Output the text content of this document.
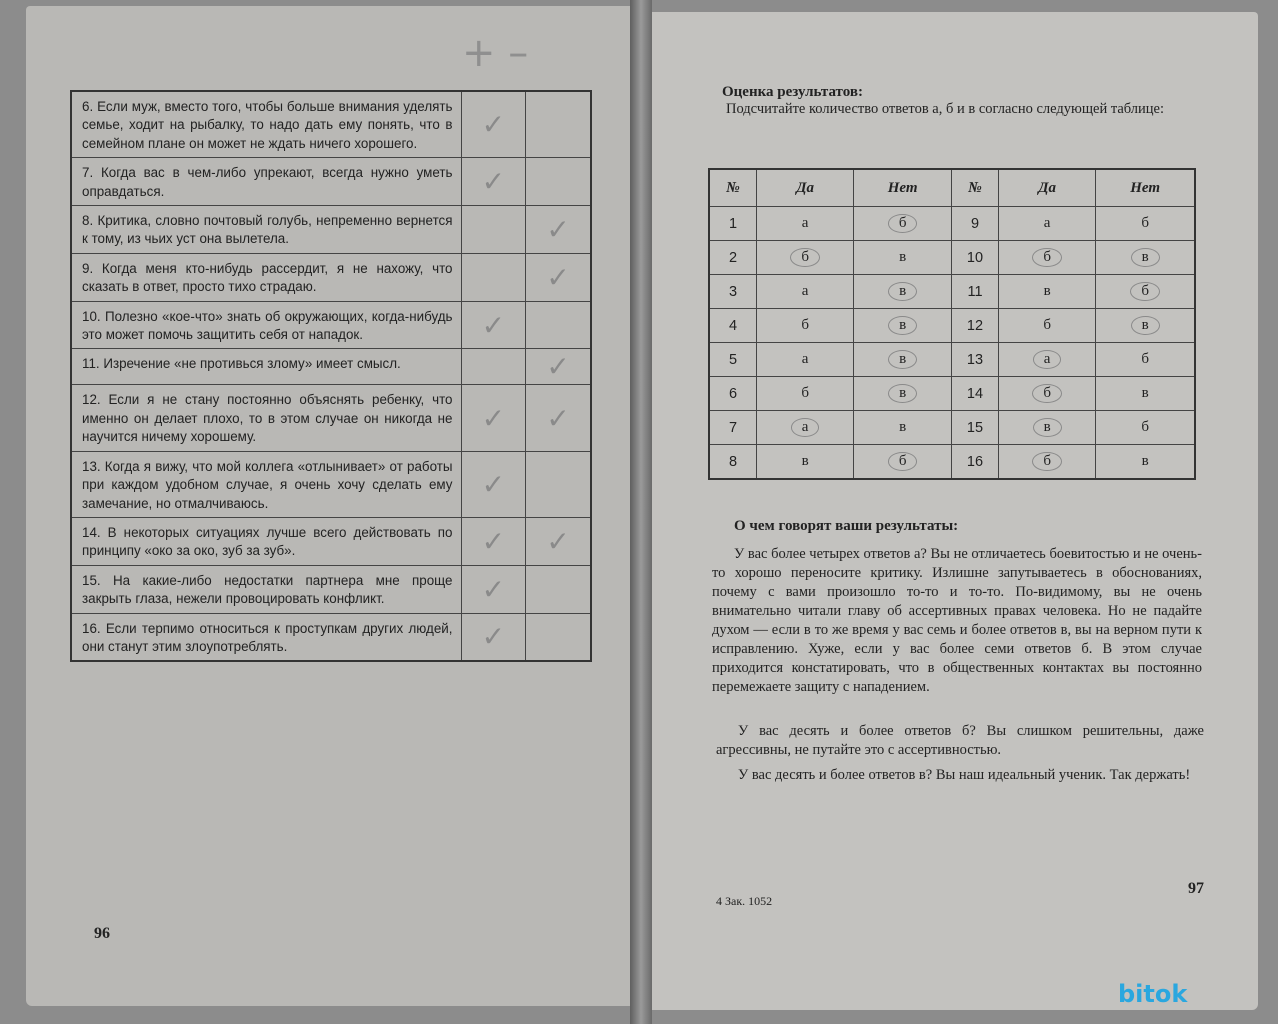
+ –
6. Если муж, вместо того, чтобы больше внимания уделять семье, ходит на рыбалку, то надо дать ему понять, что в семейном плане он может не ждать ничего хорошего.	✓	
7. Когда вас в чем-либо упрекают, всегда нужно уметь оправдаться.	✓	
8. Критика, словно почтовый голубь, непременно вернется к тому, из чьих уст она вылетела.		✓
9. Когда меня кто-нибудь рассердит, я не нахожу, что сказать в ответ, просто тихо страдаю.		✓
10. Полезно «кое-что» знать об окружающих, когда-нибудь это может помочь защитить себя от нападок.	✓	
11. Изречение «не противься злому» имеет смысл.		✓
12. Если я не стану постоянно объяснять ребенку, что именно он делает плохо, то в этом случае он никогда не научится ничему хорошему.	✓	✓
13. Когда я вижу, что мой коллега «отлынивает» от работы при каждом удобном случае, я очень хочу сделать ему замечание, но отмалчиваюсь.	✓	
14. В некоторых ситуациях лучше всего действовать по принципу «око за око, зуб за зуб».	✓	✓
15. На какие-либо недостатки партнера мне проще закрыть глаза, нежели провоцировать конфликт.	✓	
16. Если терпимо относиться к проступкам других людей, они станут этим злоупотреблять.	✓	
96
Оценка результатов:
Подсчитайте количество ответов а, б и в согласно следующей таблице:
№	Да	Нет	№	Да	Нет
1	а	б	9	а	б
2	б	в	10	б	в
3	а	в	11	в	б
4	б	в	12	б	в
5	а	в	13	а	б
6	б	в	14	б	в
7	а	в	15	в	б
8	в	б	16	б	в
О чем говорят ваши результаты:
У вас более четырех ответов а? Вы не отличаетесь боевитостью и не очень-то хорошо переносите критику. Излишне запутываетесь в обоснованиях, почему с вами произошло то-то и то-то. По-видимому, вы не очень внимательно читали главу об ассертивных правах человека. Но не падайте духом — если в то же время у вас семь и более ответов в, вы на верном пути к исправлению. Хуже, если у вас более семи ответов б. В этом случае приходится констатировать, что в общественных контактах вы постоянно перемежаете защиту с нападением.
У вас десять и более ответов б? Вы слишком решительны, даже агрессивны, не путайте это с ассертивностью.
У вас десять и более ответов в? Вы наш идеальный ученик. Так держать!
4 Зак. 1052
97
bitok
